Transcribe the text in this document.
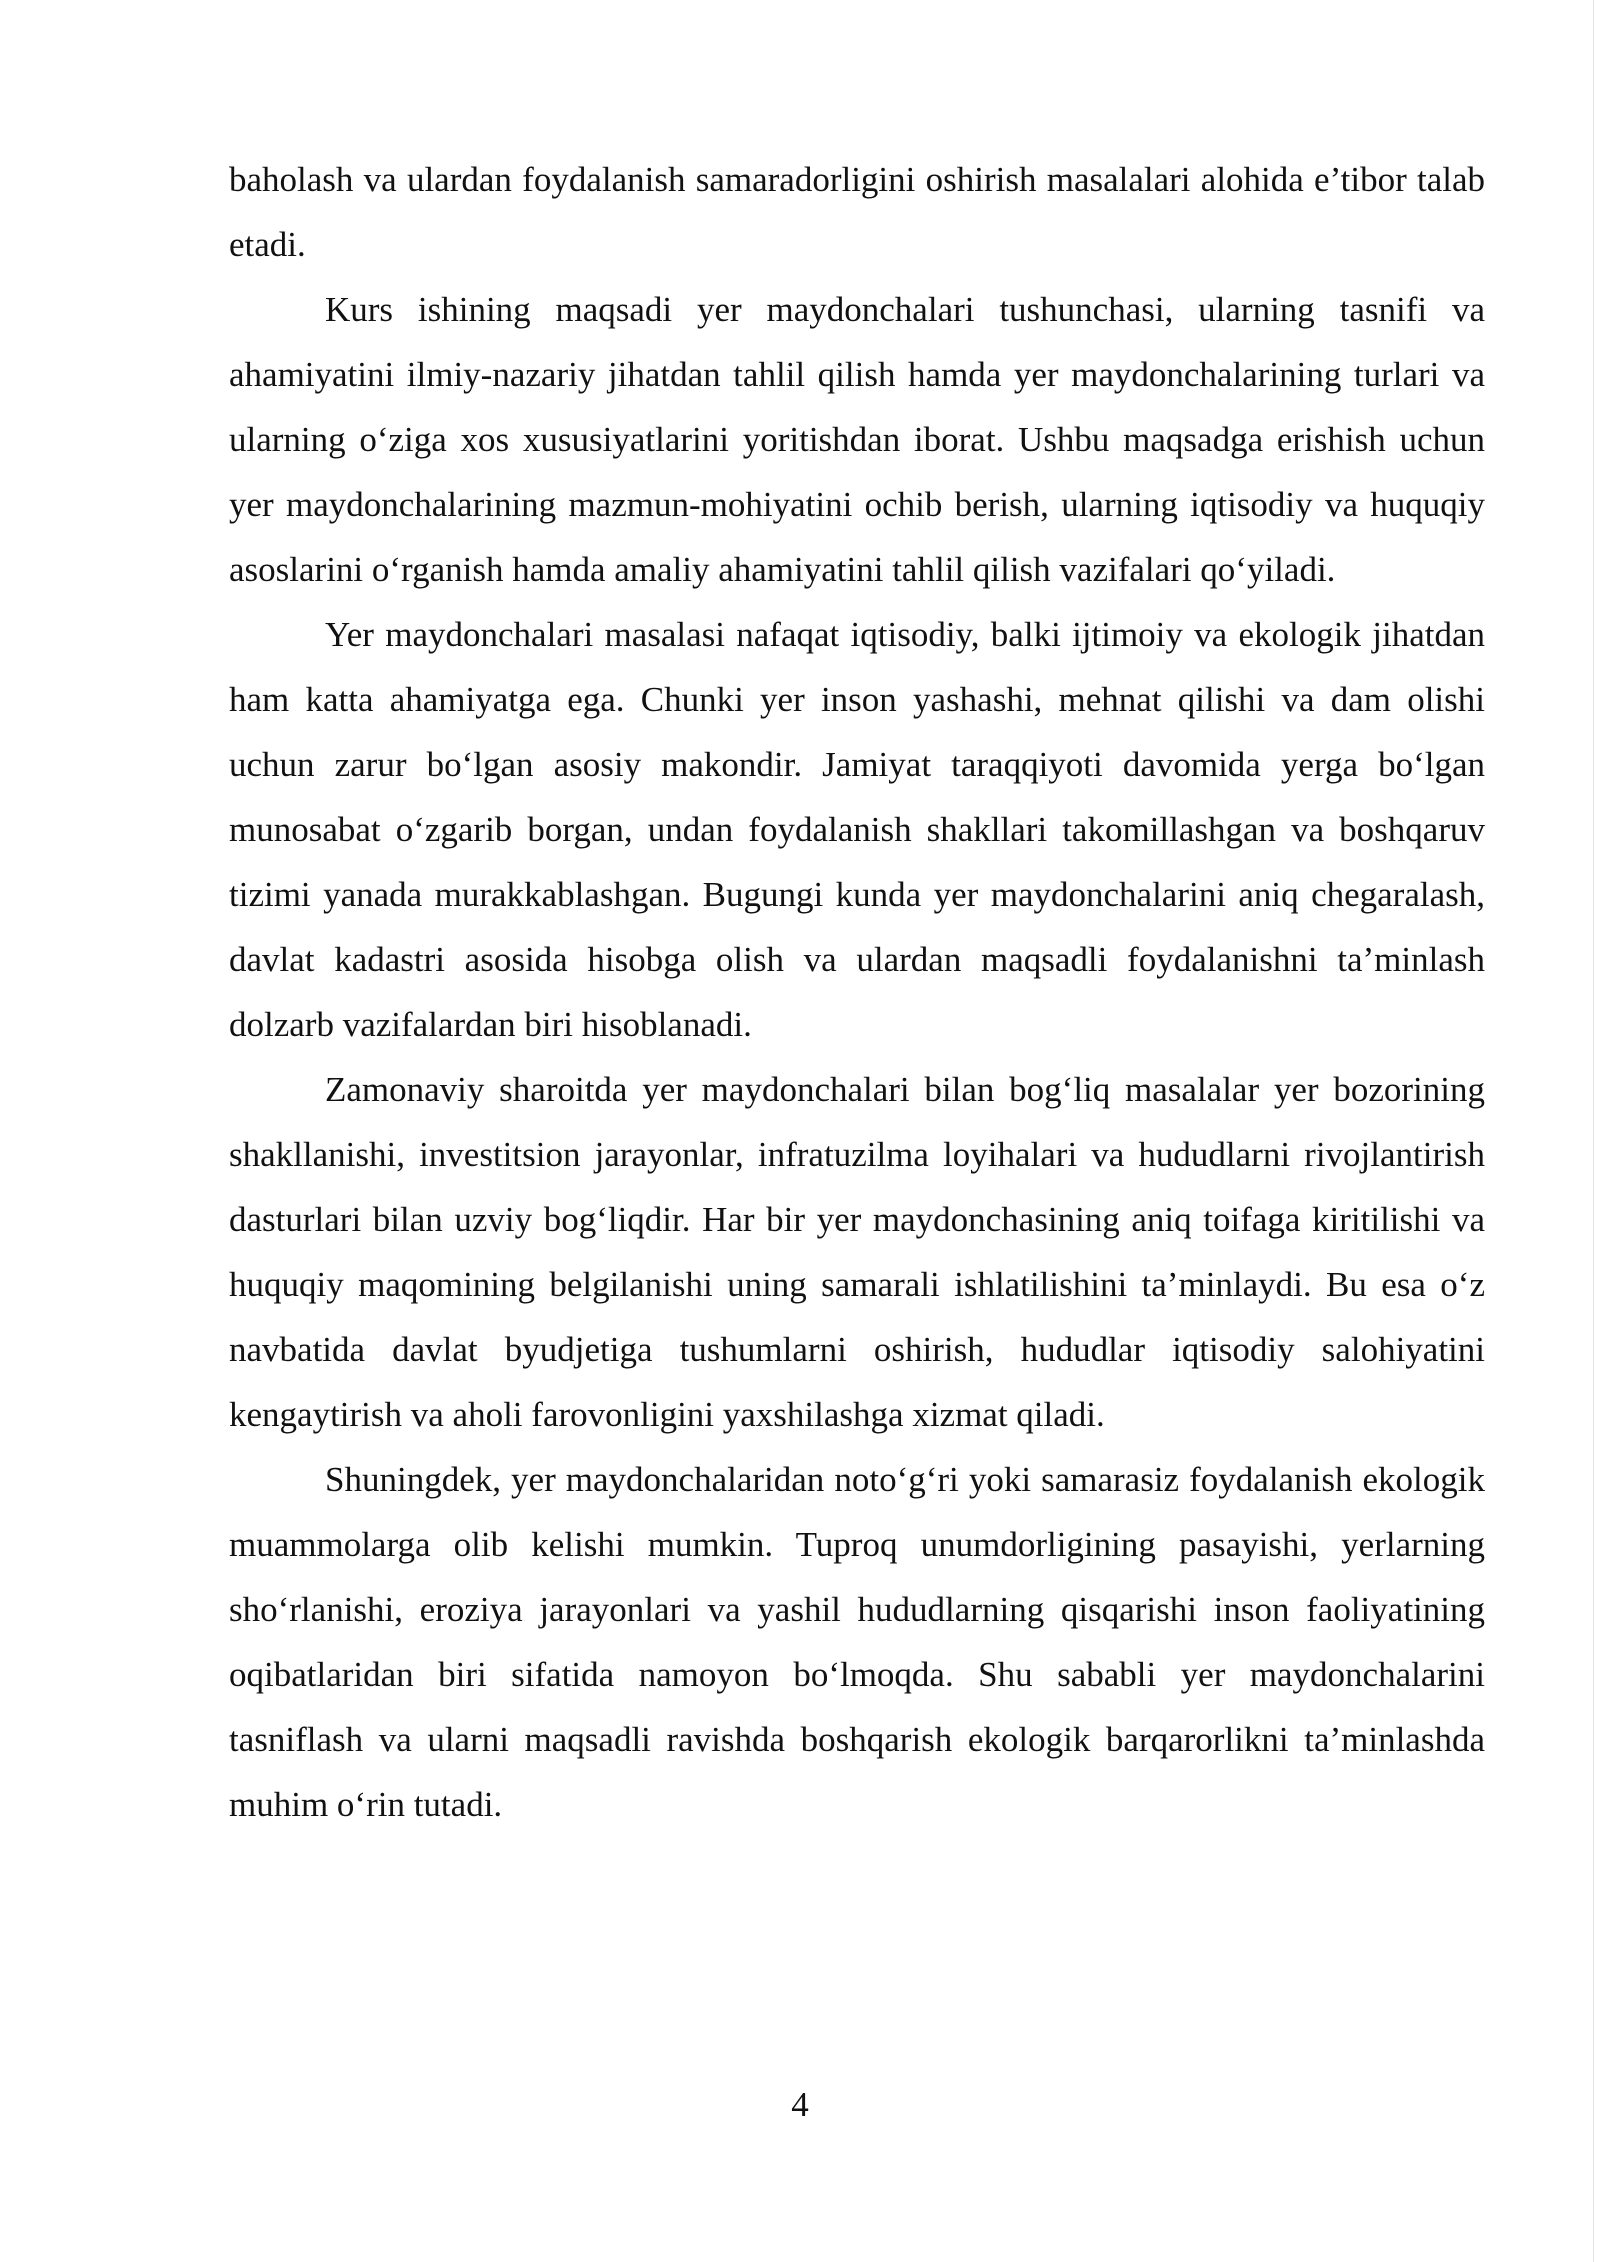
baholash va ulardan foydalanish samaradorligini oshirish masalalari alohida e’tibor talab etadi.

Kurs ishining maqsadi yer maydonchalari tushunchasi, ularning tasnifi va ahamiyatini ilmiy-nazariy jihatdan tahlil qilish hamda yer maydonchalarining turlari va ularning o‘ziga xos xususiyatlarini yoritishdan iborat. Ushbu maqsadga erishish uchun yer maydonchalarining mazmun-mohiyatini ochib berish, ularning iqtisodiy va huquqiy asoslarini o‘rganish hamda amaliy ahamiyatini tahlil qilish vazifalari qo‘yiladi.

Yer maydonchalari masalasi nafaqat iqtisodiy, balki ijtimoiy va ekologik jihatdan ham katta ahamiyatga ega. Chunki yer inson yashashi, mehnat qilishi va dam olishi uchun zarur bo‘lgan asosiy makondir. Jamiyat taraqqiyoti davomida yerga bo‘lgan munosabat o‘zgarib borgan, undan foydalanish shakllari takomillashgan va boshqaruv tizimi yanada murakkablashgan. Bugungi kunda yer maydonchalarini aniq chegaralash, davlat kadastri asosida hisobga olish va ulardan maqsadli foydalanishni ta’minlash dolzarb vazifalardan biri hisoblanadi.

Zamonaviy sharoitda yer maydonchalari bilan bog‘liq masalalar yer bozorining shakllanishi, investitsion jarayonlar, infratuzilma loyihalari va hududlarni rivojlantirish dasturlari bilan uzviy bog‘liqdir. Har bir yer maydonchasining aniq toifaga kiritilishi va huquqiy maqomining belgilanishi uning samarali ishlatilishini ta’minlaydi. Bu esa o‘z navbatida davlat byudjetiga tushumlarni oshirish, hududlar iqtisodiy salohiyatini kengaytirish va aholi farovonligini yaxshilashga xizmat qiladi.

Shuningdek, yer maydonchalaridan noto‘g‘ri yoki samarasiz foydalanish ekologik muammolarga olib kelishi mumkin. Tuproq unumdorligining pasayishi, yerlarning sho‘rlanishi, eroziya jarayonlari va yashil hududlarning qisqarishi inson faoliyatining oqibatlaridan biri sifatida namoyon bo‘lmoqda. Shu sababli yer maydonchalarini tasniflash va ularni maqsadli ravishda boshqarish ekologik barqarorlikni ta’minlashda muhim o‘rin tutadi.

4
